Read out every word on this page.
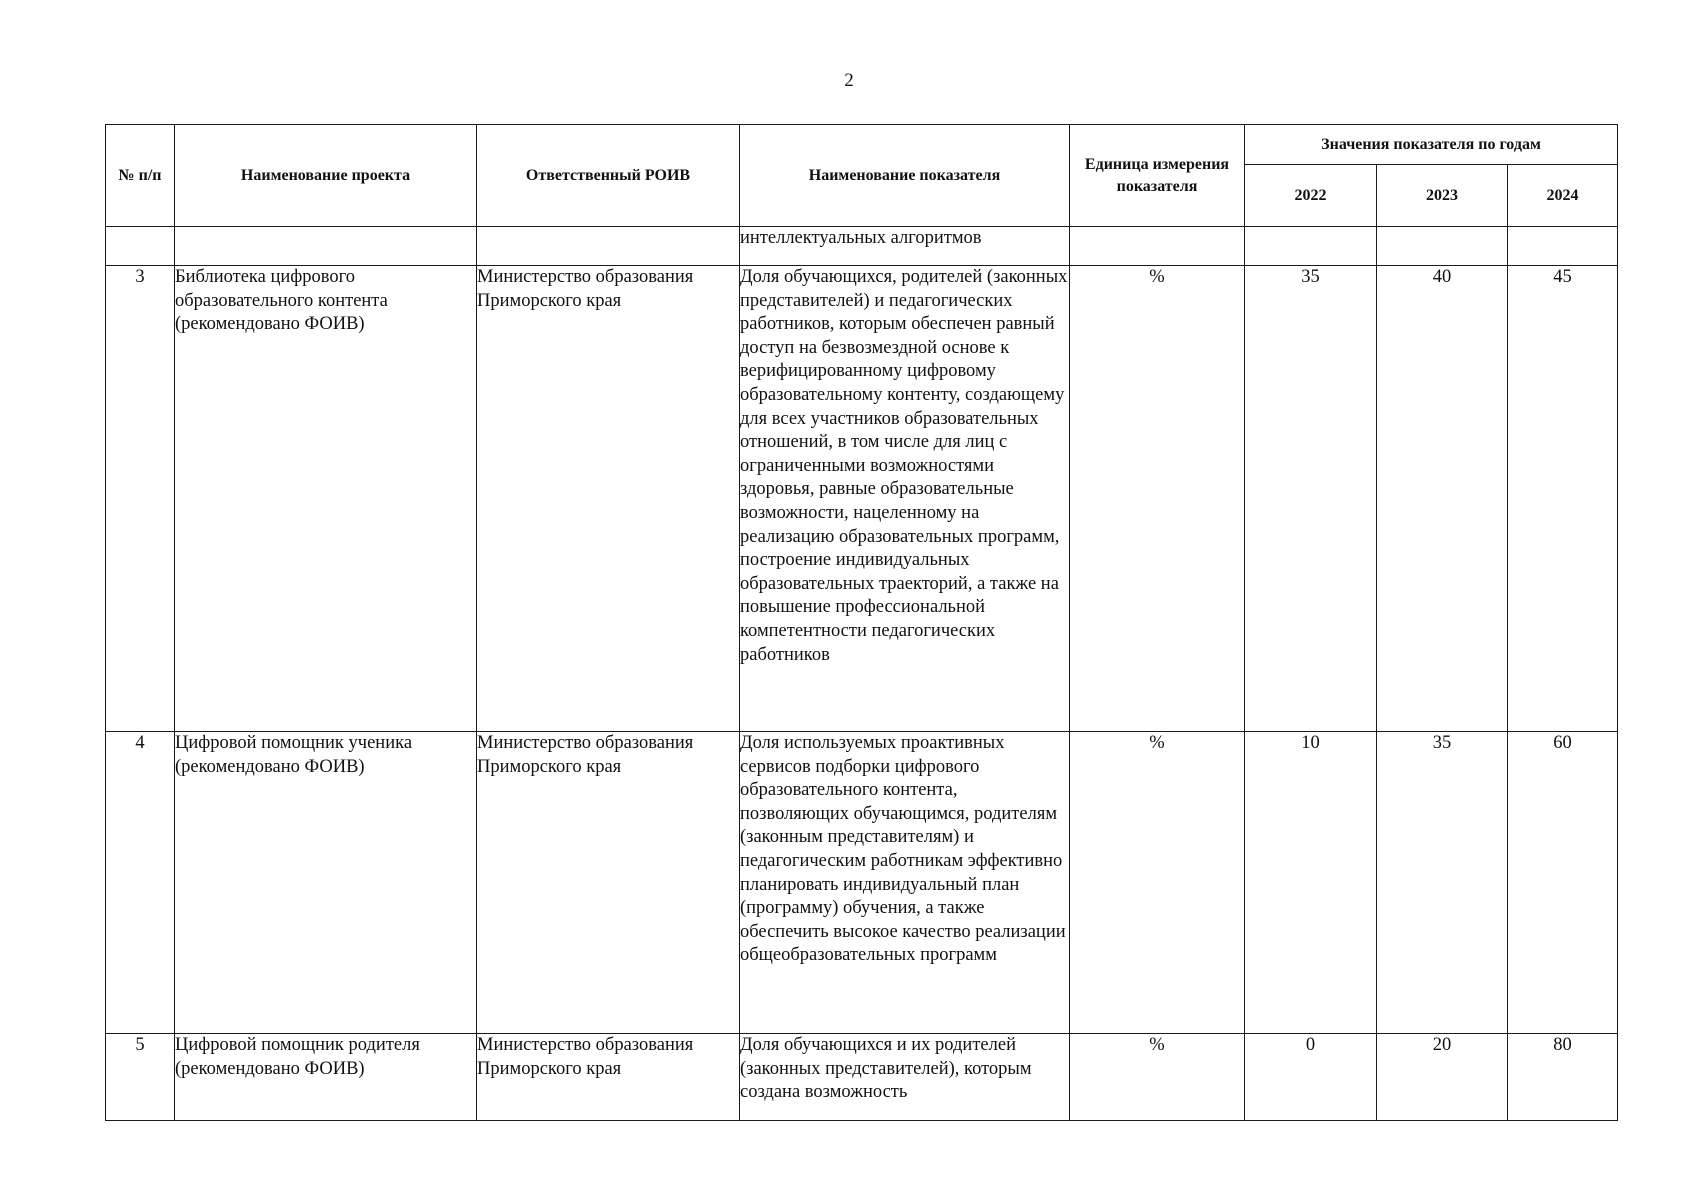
2
№ п/п	Наименование проекта	Ответственный РОИВ	Наименование показателя	Единица измерения показателя	Значения показателя по годам		
					2022	2023	2024
			интеллектуальных алгоритмов				
3	Библиотека цифрового образовательного контента (рекомендовано ФОИВ)	Министерство образования Приморского края	Доля обучающихся, родителей (законных представителей) и педагогических работников, которым обеспечен равный доступ на безвозмездной основе к верифицированному цифровому образовательному контенту, создающему для всех участников образовательных отношений, в том числе для лиц с ограниченными возможностями здоровья, равные образовательные возможности, нацеленному на реализацию образовательных программ, построение индивидуальных образовательных траекторий, а также на повышение профессиональной компетентности педагогических работников	%	35	40	45
4	Цифровой помощник ученика (рекомендовано ФОИВ)	Министерство образования Приморского края	Доля используемых проактивных сервисов подборки цифрового образовательного контента, позволяющих обучающимся, родителям (законным представителям) и педагогическим работникам эффективно планировать индивидуальный план (программу) обучения, а также обеспечить высокое качество реализации общеобразовательных программ	%	10	35	60
5	Цифровой помощник родителя (рекомендовано ФОИВ)	Министерство образования Приморского края	Доля обучающихся и их родителей (законных представителей), которым создана возможность	%	0	20	80
